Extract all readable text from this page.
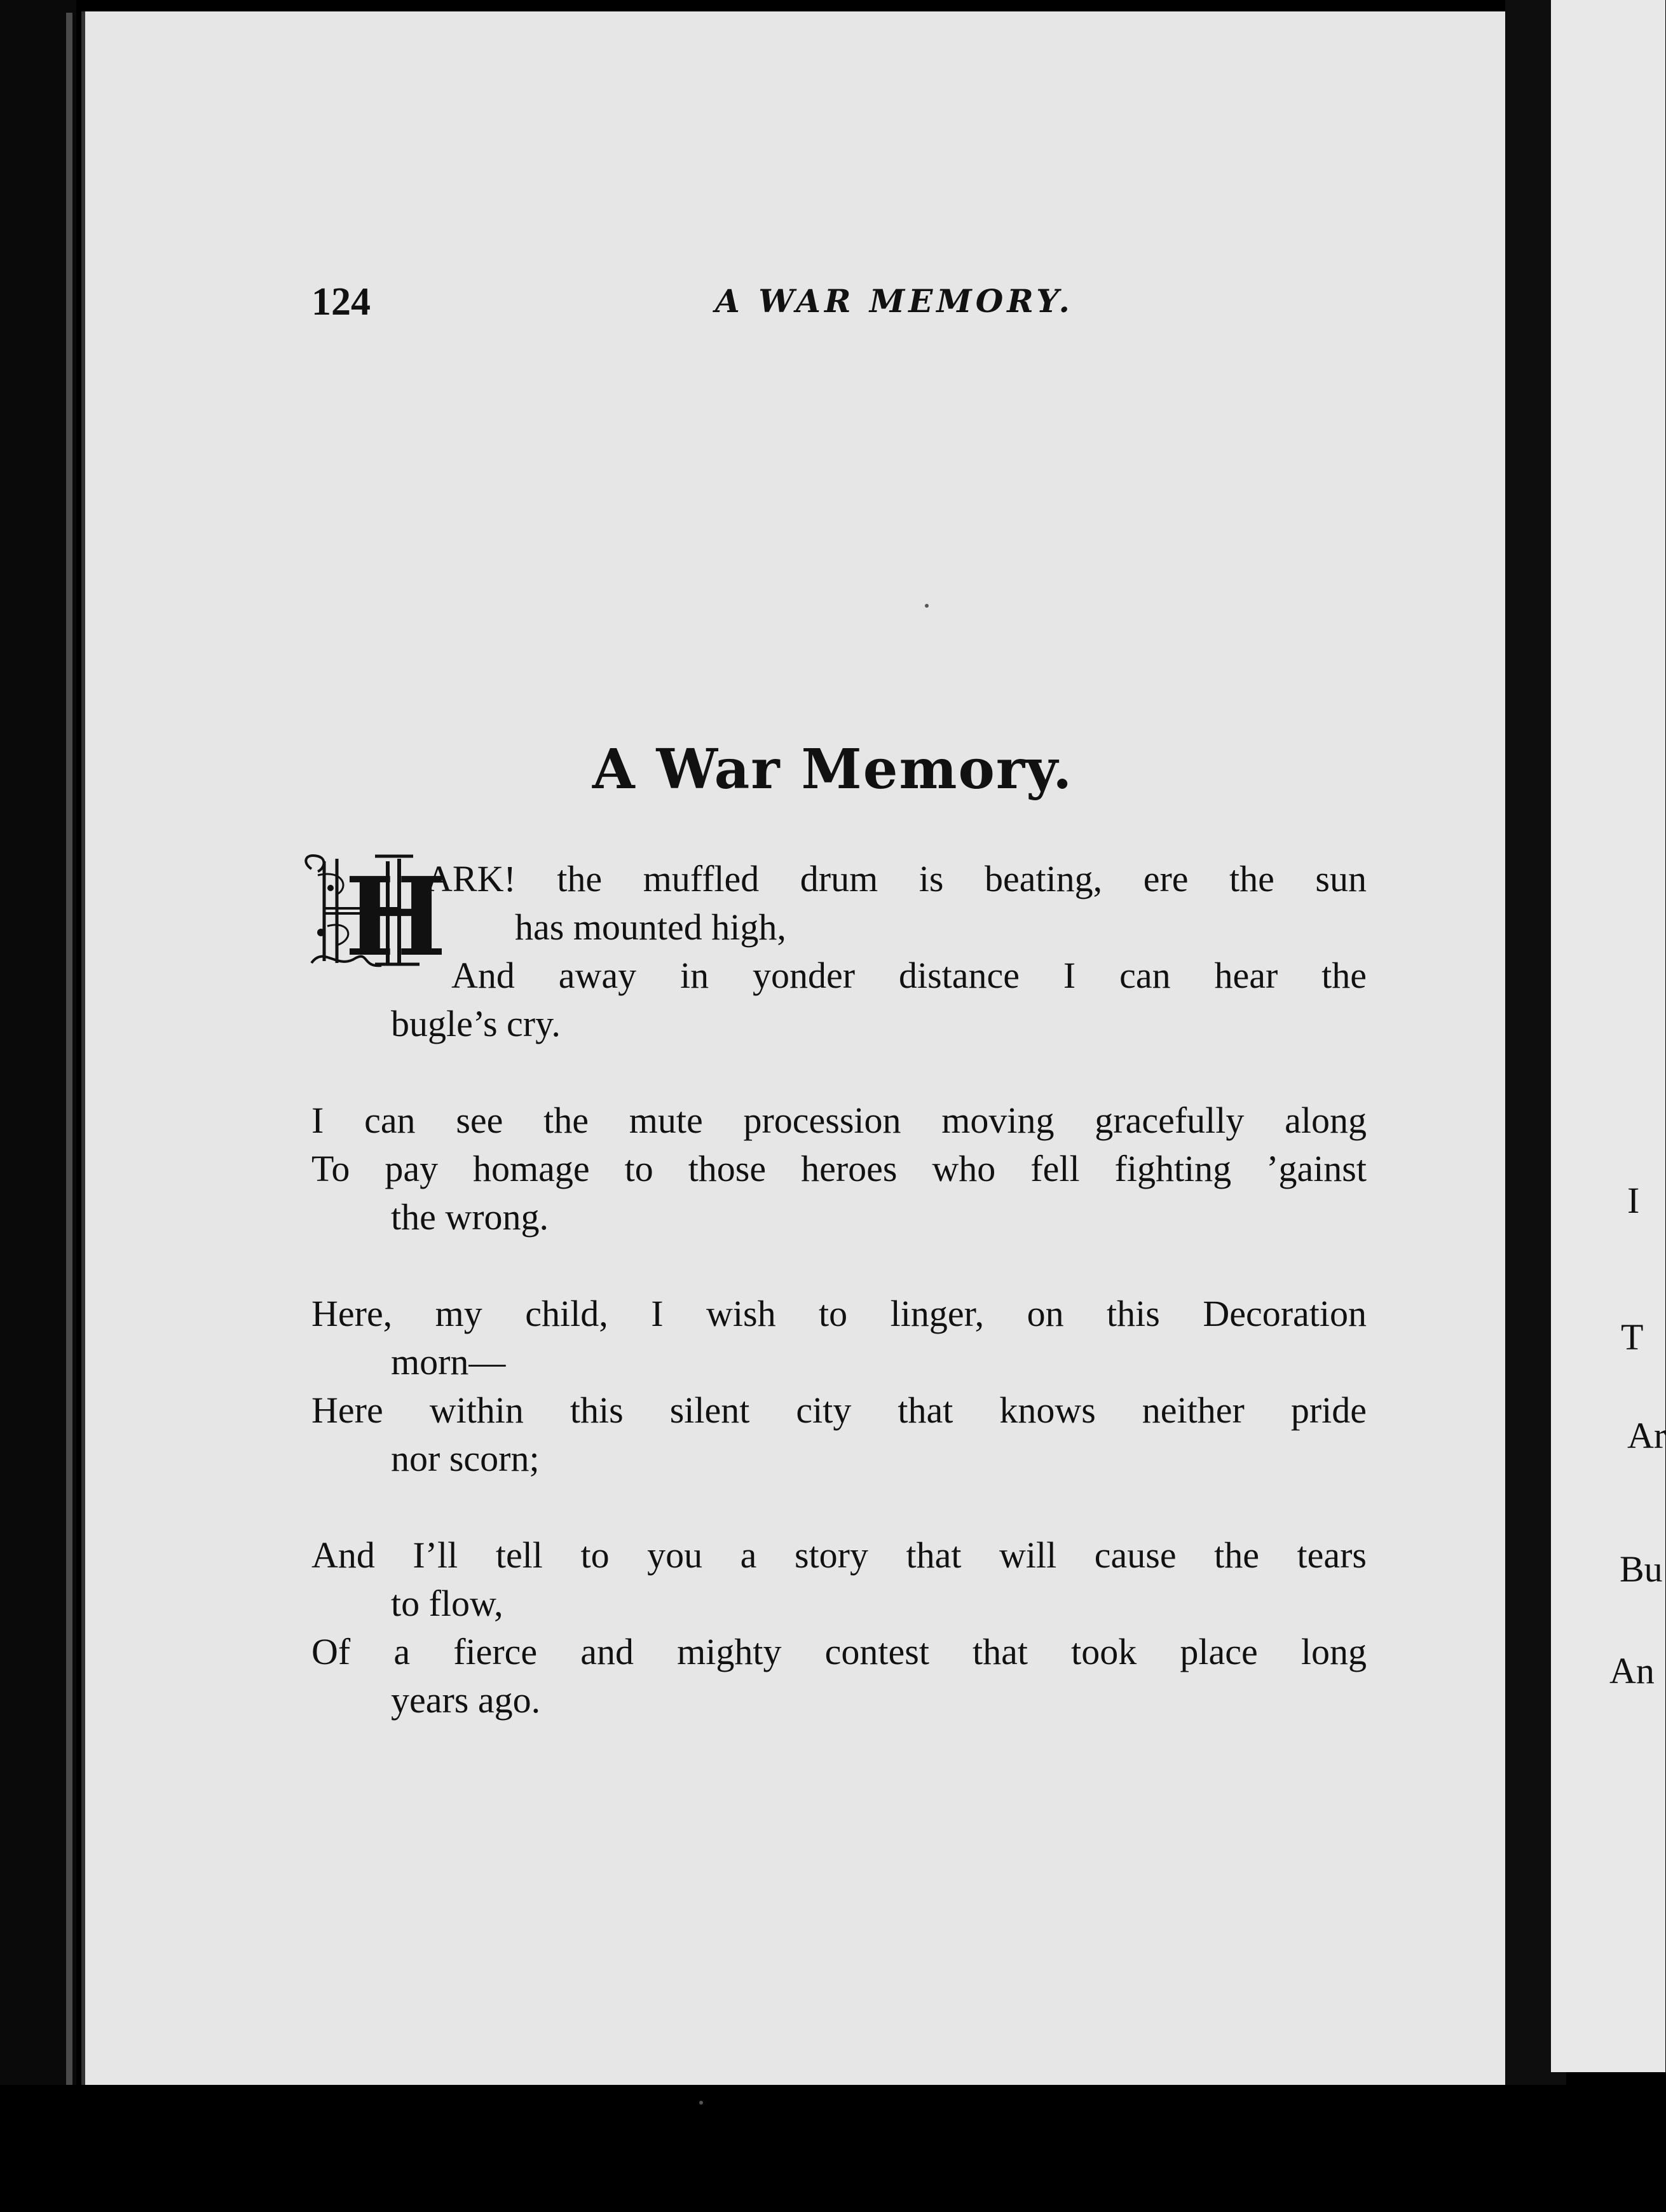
I
T
Ar
Bu
An
124	A WAR MEMORY.
A War Memory.
H
ARK! the muffled drum is beating, ere the sun
has mounted high,
And away in yonder distance I can hear the
bugle’s cry.
I can see the mute procession moving gracefully along
To pay homage to those heroes who fell fighting ’gainst
the wrong.
Here, my child, I wish to linger, on this Decoration
morn—
Here within this silent city that knows neither pride
nor scorn;
And I’ll tell to you a story that will cause the tears
to flow,
Of a fierce and mighty contest that took place long
years ago.
